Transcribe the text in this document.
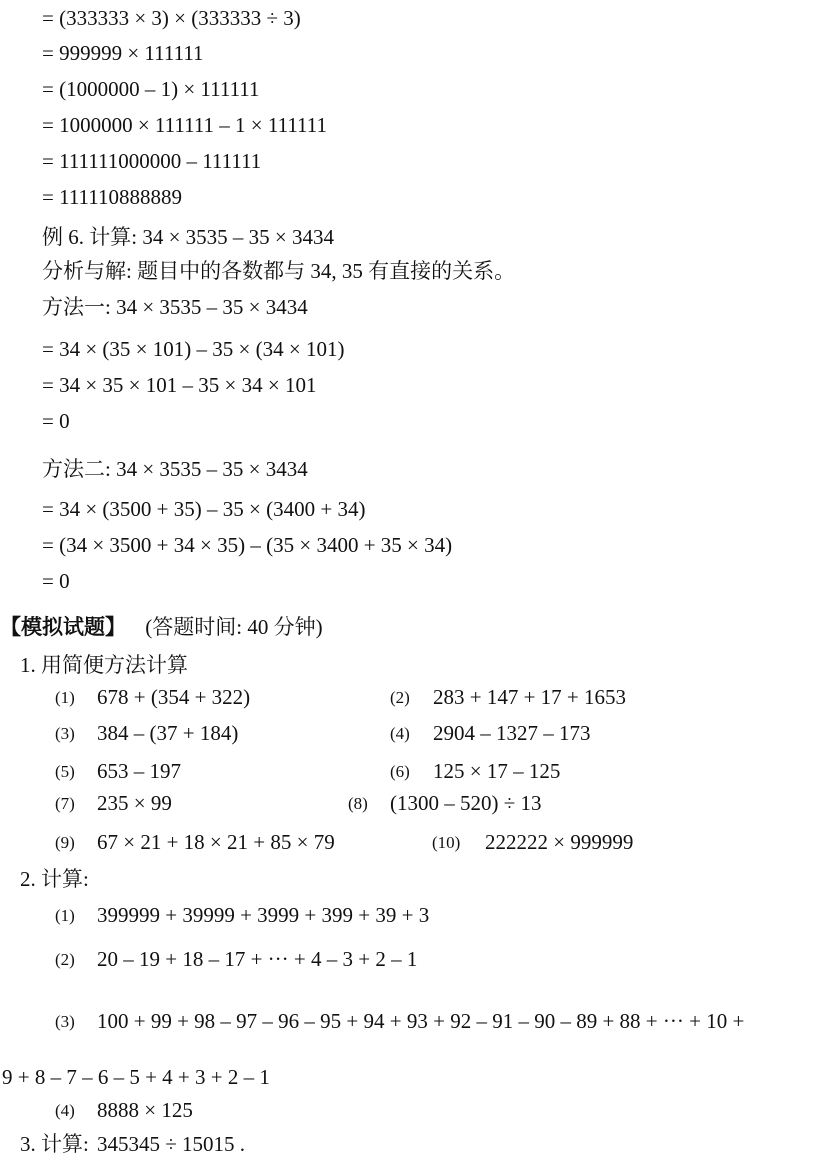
= (333333 × 3) × (333333 ÷ 3)
= 999999 × 111111
= (1000000 – 1) × 111111
= 1000000 × 111111 – 1 × 111111
= 111111000000 – 111111
= 111110888889
例 6. 计算: 34 × 3535 – 35 × 3434
分析与解: 题目中的各数都与 34, 35 有直接的关系。
方法一: 34 × 3535 – 35 × 3434
= 34 × (35 × 101) – 35 × (34 × 101)
= 34 × 35 × 101 – 35 × 34 × 101
= 0
方法二: 34 × 3535 – 35 × 3434
= 34 × (3500 + 35) – 35 × (3400 + 34)
= (34 × 3500 + 34 × 35) – (35 × 3400 + 35 × 34)
= 0
【模拟试题】 (答题时间: 40 分钟)
1. 用简便方法计算
(1) 678 + (354 + 322)	(2) 283 + 147 + 17 + 1653
(3) 384 – (37 + 184)	(4) 2904 – 1327 – 173
(5) 653 – 197	(6) 125 × 17 – 125
(7) 235 × 99	(8) (1300 – 520) ÷ 13
(9) 67 × 21 + 18 × 21 + 85 × 79	(10) 222222 × 999999
2. 计算:
(1) 399999 + 39999 + 3999 + 399 + 39 + 3
(2) 20 – 19 + 18 – 17 + ··· + 4 – 3 + 2 – 1
(3) 100 + 99 + 98 – 97 – 96 – 95 + 94 + 93 + 92 – 91 – 90 – 89 + 88 + ··· + 10 +
9 + 8 – 7 – 6 – 5 + 4 + 3 + 2 – 1
(4) 8888 × 125
3. 计算: 345345 ÷ 15015 .
